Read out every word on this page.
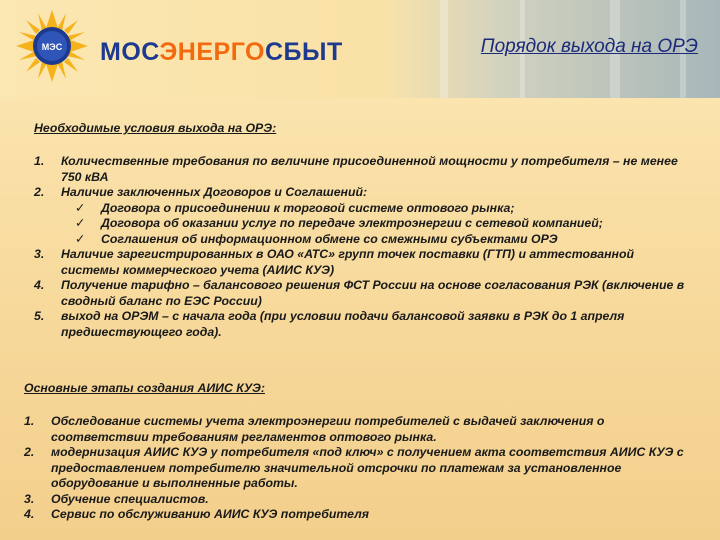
МЭС МОСЭНЕРГОСБЫТ	Порядок выхода на ОРЭ
Необходимые условия выхода на ОРЭ:
1. Количественные требования по величине присоединенной мощности у потребителя – не менее 750 кВА
2. Наличие заключенных Договоров и Соглашений:
✓ Договора о присоединении к торговой системе оптового рынка;
✓ Договора об оказании услуг по передаче электроэнергии с сетевой компанией;
✓ Соглашения об информационном обмене со смежными субъектами ОРЭ
3. Наличие зарегистрированных в ОАО «АТС» групп точек поставки (ГТП) и аттестованной системы коммерческого учета (АИИС КУЭ)
4. Получение тарифно – балансового решения ФСТ России на основе согласования РЭК (включение в сводный баланс по ЕЭС России)
5. выход на ОРЭМ – с начала года (при условии подачи балансовой заявки в РЭК до 1 апреля предшествующего года).
Основные этапы создания АИИС КУЭ:
1. Обследование системы учета электроэнергии потребителей с выдачей заключения о соответствии требованиям регламентов оптового рынка.
2. модернизация АИИС КУЭ у потребителя «под ключ» с получением акта соответствия АИИС КУЭ с предоставлением потребителю значительной отсрочки по платежам за установленное оборудование и выполненные работы.
3. Обучение специалистов.
4. Сервис по обслуживанию АИИС КУЭ потребителя
